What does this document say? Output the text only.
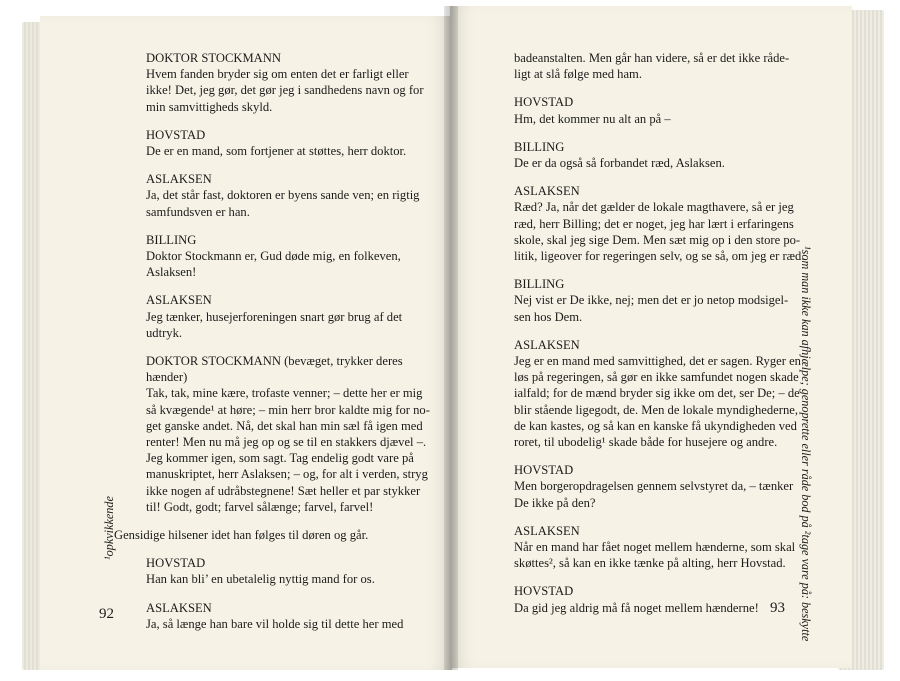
DOKTOR STOCKMANN
Hvem fanden bryder sig om enten det er farligt eller
ikke! Det, jeg gør, det gør jeg i sandhedens navn og for
min samvittigheds skyld.
HOVSTAD
De er en mand, som fortjener at støttes, herr doktor.
ASLAKSEN
Ja, det står fast, doktoren er byens sande ven; en rigtig
samfundsven er han.
BILLING
Doktor Stockmann er, Gud døde mig, en folkeven,
Aslaksen!
ASLAKSEN
Jeg tænker, husejerforeningen snart gør brug af det
udtryk.
DOKTOR STOCKMANN (bevæget, trykker deres
hænder)
Tak, tak, mine kære, trofaste venner; – dette her er mig
så kvægende¹ at høre; – min herr bror kaldte mig for no-
get ganske andet. Nå, det skal han min sæl få igen med
renter! Men nu må jeg op og se til en stakkers djævel –.
Jeg kommer igen, som sagt. Tag endelig godt vare på
manuskriptet, herr Aslaksen; – og, for alt i verden, stryg
ikke nogen af udråbstegnene! Sæt heller et par stykker
til! Godt, godt; farvel sålænge; farvel, farvel!
Gensidige hilsener idet han følges til døren og går.
HOVSTAD
Han kan bli’ en ubetalelig nyttig mand for os.
ASLAKSEN
Ja, så længe han bare vil holde sig til dette her med
badeanstalten. Men går han videre, så er det ikke råde-
ligt at slå følge med ham.
HOVSTAD
Hm, det kommer nu alt an på –
BILLING
De er da også så forbandet ræd, Aslaksen.
ASLAKSEN
Ræd? Ja, når det gælder de lokale magthavere, så er jeg
ræd, herr Billing; det er noget, jeg har lært i erfaringens
skole, skal jeg sige Dem. Men sæt mig op i den store po-
litik, ligeover for regeringen selv, og se så, om jeg er ræd.
BILLING
Nej vist er De ikke, nej; men det er jo netop modsigel-
sen hos Dem.
ASLAKSEN
Jeg er en mand med samvittighed, det er sagen. Ryger en
løs på regeringen, så gør en ikke samfundet nogen skade
ialfald; for de mænd bryder sig ikke om det, ser De; – de
blir stående ligegodt, de. Men de lokale myndighederne,
de kan kastes, og så kan en kanske få ukyndigheden ved
roret, til ubodelig¹ skade både for husejere og andre.
HOVSTAD
Men borgeropdragelsen gennem selvstyret da, – tænker
De ikke på den?
ASLAKSEN
Når en mand har fået noget mellem hænderne, som skal
skøttes², så kan en ikke tænke på alting, herr Hovstad.
HOVSTAD
Da gid jeg aldrig må få noget mellem hænderne!
92	93
¹opkvikkende	¹som man ikke kan afhjælpe; genoprette eller råde bod på ²tage vare på: beskytte
